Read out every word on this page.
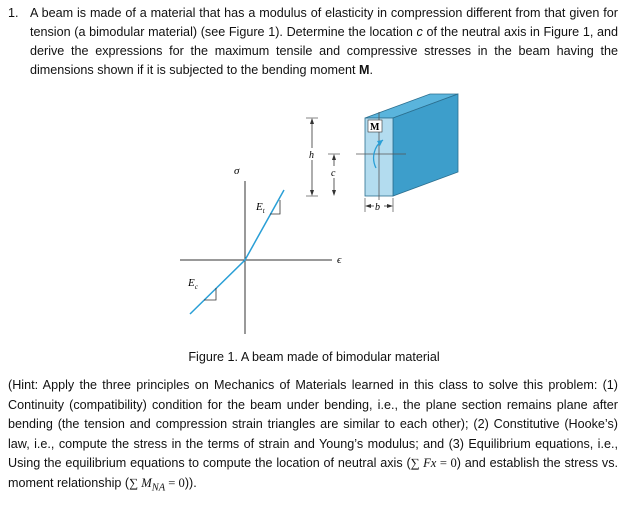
1. A beam is made of a material that has a modulus of elasticity in compression different from that given for tension (a bimodular material) (see Figure 1). Determine the location c of the neutral axis in Figure 1, and derive the expressions for the maximum tensile and compressive stresses in the beam having the dimensions shown if it is subjected to the bending moment M.
σ
ϵ
$E_t$
$E_c$
M
h
c
b
Figure 1. A beam made of bimodular material
(Hint: Apply the three principles on Mechanics of Materials learned in this class to solve this problem: (1) Continuity (compatibility) condition for the beam under bending, i.e., the plane section remains plane after bending (the tension and compression strain triangles are similar to each other); (2) Constitutive (Hooke’s) law, i.e., compute the stress in the terms of strain and Young’s modulus; and (3) Equilibrium equations, i.e., Using the equilibrium equations to compute the location of neutral axis (∑ Fx = 0) and establish the stress vs. moment relationship (∑ $M_{NA} = 0$)).
